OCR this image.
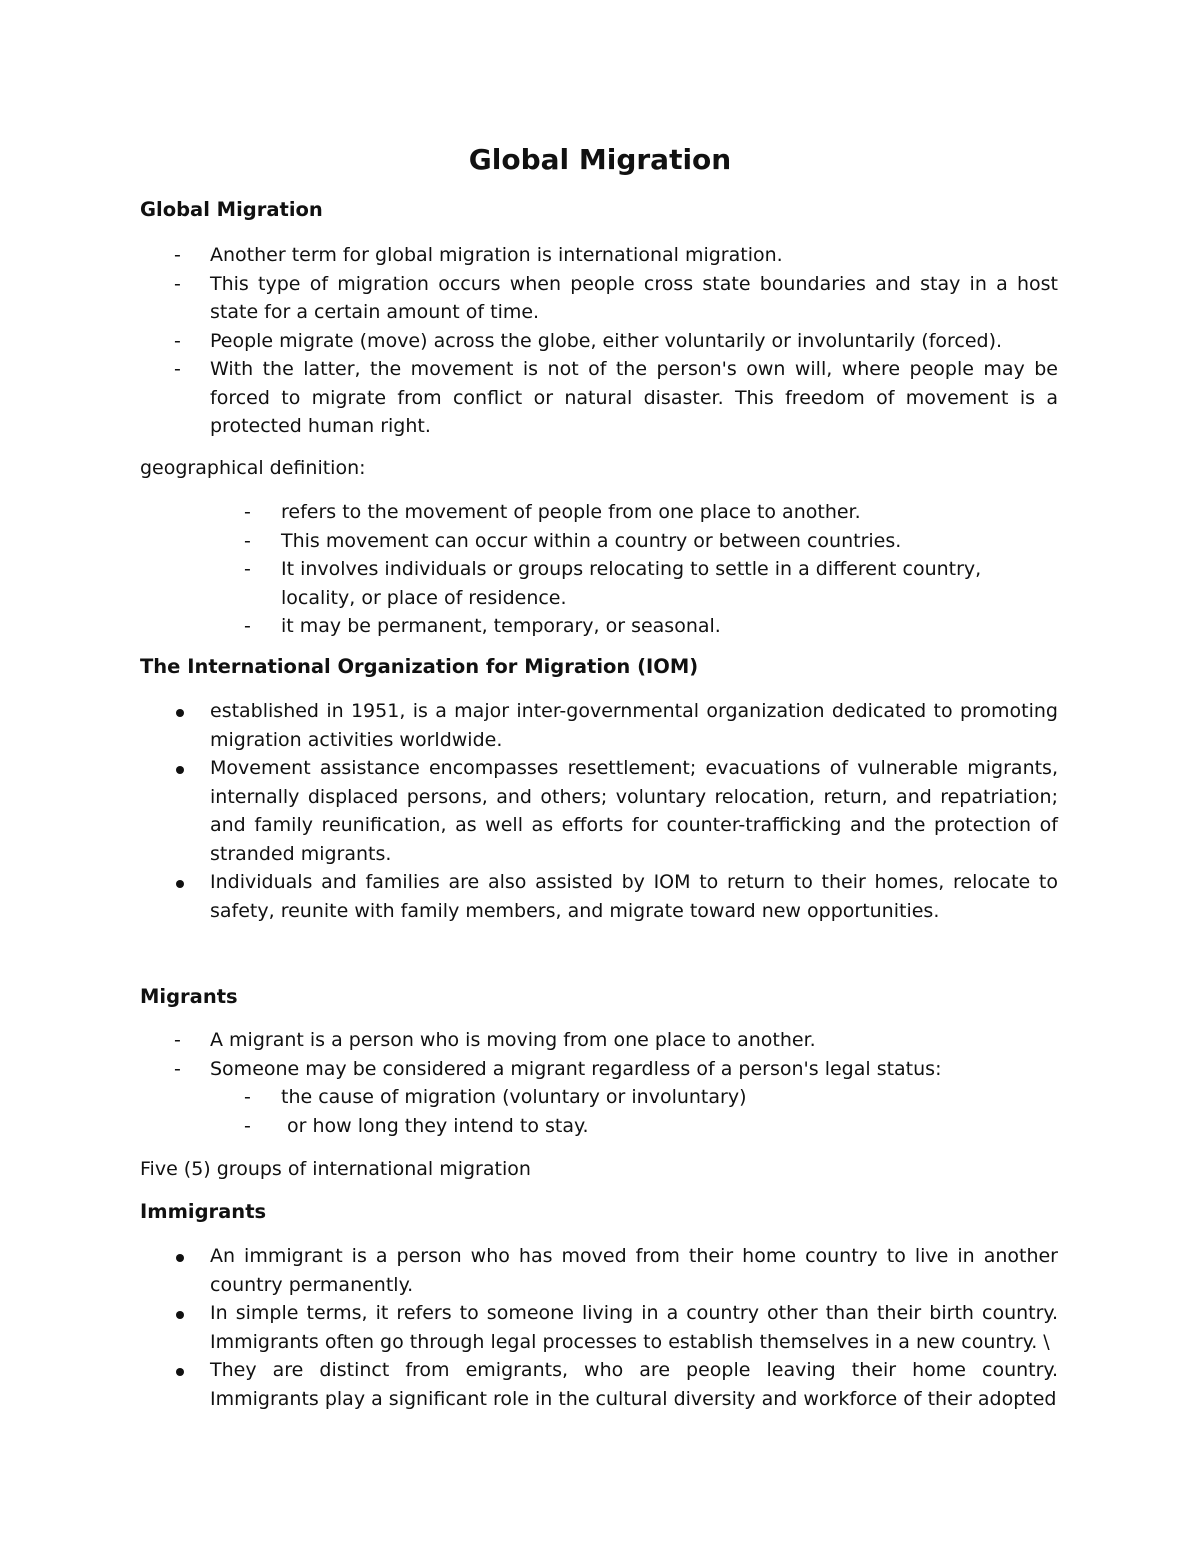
Global Migration
Global Migration
-	Another term for global migration is international migration.
-	This type of migration occurs when people cross state boundaries and stay in a host state for a certain amount of time.
-	People migrate (move) across the globe, either voluntarily or involuntarily (forced).
-	With the latter, the movement is not of the person's own will, where people may be forced to migrate from conflict or natural disaster. This freedom of movement is a protected human right.
geographical definition:
-	refers to the movement of people from one place to another.
-	This movement can occur within a country or between countries.
-	It involves individuals or groups relocating to settle in a different country, locality, or place of residence.
-	it may be permanent, temporary, or seasonal.
The International Organization for Migration (IOM)
established in 1951, is a major inter-governmental organization dedicated to promoting migration activities worldwide.
Movement assistance encompasses resettlement; evacuations of vulnerable migrants, internally displaced persons, and others; voluntary relocation, return, and repatriation; and family reunification, as well as efforts for counter-trafficking and the protection of stranded migrants.
Individuals and families are also assisted by IOM to return to their homes, relocate to safety, reunite with family members, and migrate toward new opportunities.
Migrants
-	A migrant is a person who is moving from one place to another.
-	Someone may be considered a migrant regardless of a person's legal status:
-	the cause of migration (voluntary or involuntary)
-	or how long they intend to stay.
Five (5) groups of international migration
Immigrants
An immigrant is a person who has moved from their home country to live in another country permanently.
In simple terms, it refers to someone living in a country other than their birth country. Immigrants often go through legal processes to establish themselves in a new country. \
They are distinct from emigrants, who are people leaving their home country. Immigrants play a significant role in the cultural diversity and workforce of their adopted
